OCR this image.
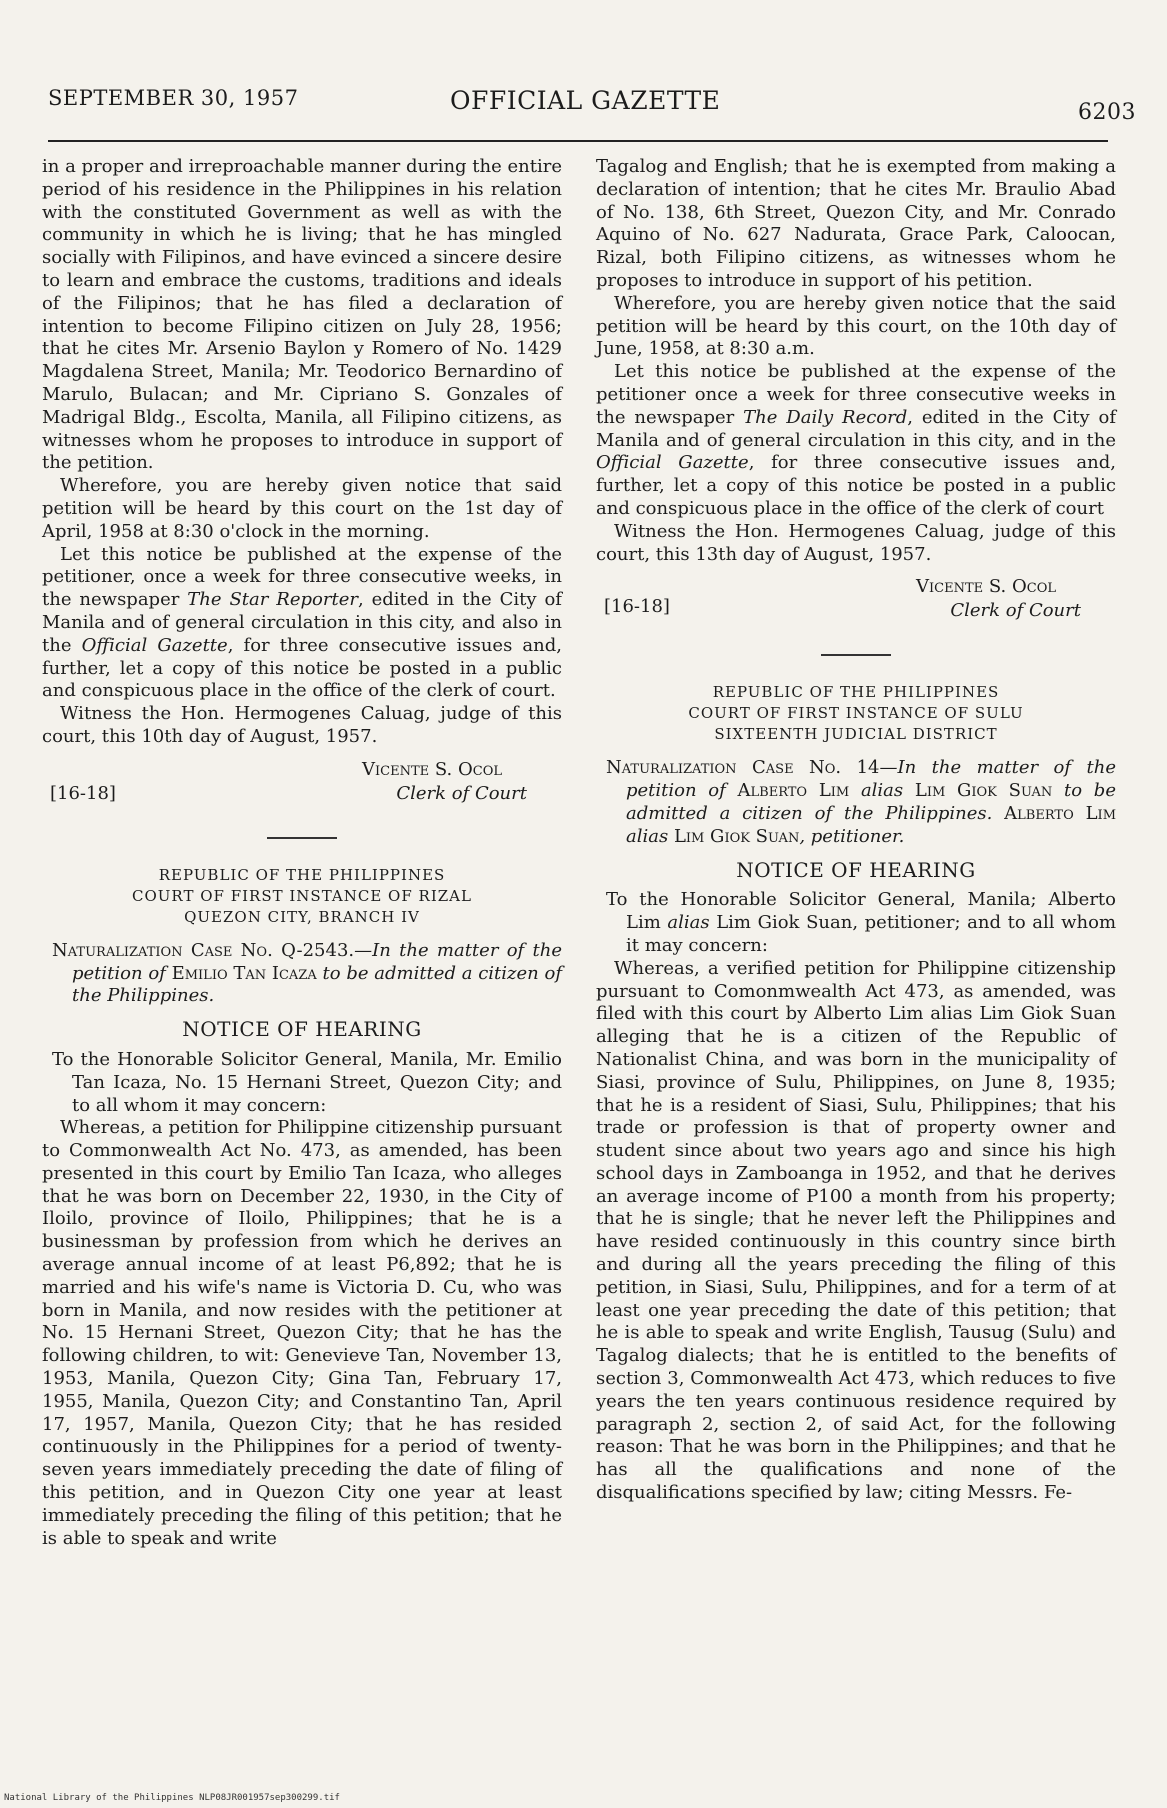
SEPTEMBER 30, 1957	OFFICIAL GAZETTE	6203

in a proper and irreproachable manner during the entire period of his residence in the Philippines in his relation with the constituted Government as well as with the community in which he is living; that he has mingled socially with Filipinos, and have evinced a sincere desire to learn and embrace the customs, traditions and ideals of the Filipinos; that he has filed a declaration of intention to become Filipino citizen on July 28, 1956; that he cites Mr. Arsenio Baylon y Romero of No. 1429 Magdalena Street, Manila; Mr. Teodorico Bernardino of Marulo, Bulacan; and Mr. Cipriano S. Gonzales of Madrigal Bldg., Escolta, Manila, all Filipino citizens, as witnesses whom he proposes to introduce in support of the petition.

Wherefore, you are hereby given notice that said petition will be heard by this court on the 1st day of April, 1958 at 8:30 o'clock in the morning.

Let this notice be published at the expense of the petitioner, once a week for three consecutive weeks, in the newspaper The Star Reporter, edited in the City of Manila and of general circulation in this city, and also in the Official Gazette, for three consecutive issues and, further, let a copy of this notice be posted in a public and conspicuous place in the office of the clerk of court.

Witness the Hon. Hermogenes Caluag, judge of this court, this 10th day of August, 1957.

Vicente S. Ocol
[16-18]	Clerk of Court
REPUBLIC OF THE PHILIPPINES
COURT OF FIRST INSTANCE OF RIZAL
QUEZON CITY, BRANCH IV

Naturalization Case No. Q-2543.—In the matter of the petition of Emilio Tan Icaza to be admitted a citizen of the Philippines.

NOTICE OF HEARING

To the Honorable Solicitor General, Manila, Mr. Emilio Tan Icaza, No. 15 Hernani Street, Quezon City; and to all whom it may concern:

Whereas, a petition for Philippine citizenship pursuant to Commonwealth Act No. 473, as amended, has been presented in this court by Emilio Tan Icaza, who alleges that he was born on December 22, 1930, in the City of Iloilo, province of Iloilo, Philippines; that he is a businessman by profession from which he derives an average annual income of at least P6,892; that he is married and his wife's name is Victoria D. Cu, who was born in Manila, and now resides with the petitioner at No. 15 Hernani Street, Quezon City; that he has the following children, to wit: Genevieve Tan, November 13, 1953, Manila, Quezon City; Gina Tan, February 17, 1955, Manila, Quezon City; and Constantino Tan, April 17, 1957, Manila, Quezon City; that he has resided continuously in the Philippines for a period of twenty-seven years immediately preceding the date of filing of this petition, and in Quezon City one year at least immediately preceding the filing of this petition; that he is able to speak and write

Tagalog and English; that he is exempted from making a declaration of intention; that he cites Mr. Braulio Abad of No. 138, 6th Street, Quezon City, and Mr. Conrado Aquino of No. 627 Nadurata, Grace Park, Caloocan, Rizal, both Filipino citizens, as witnesses whom he proposes to introduce in support of his petition.

Wherefore, you are hereby given notice that the said petition will be heard by this court, on the 10th day of June, 1958, at 8:30 a.m.

Let this notice be published at the expense of the petitioner once a week for three consecutive weeks in the newspaper The Daily Record, edited in the City of Manila and of general circulation in this city, and in the Official Gazette, for three consecutive issues and, further, let a copy of this notice be posted in a public and conspicuous place in the office of the clerk of court

Witness the Hon. Hermogenes Caluag, judge of this court, this 13th day of August, 1957.

Vicente S. Ocol
[16-18]	Clerk of Court
REPUBLIC OF THE PHILIPPINES
COURT OF FIRST INSTANCE OF SULU
SIXTEENTH JUDICIAL DISTRICT

Naturalization Case No. 14—In the matter of the petition of Alberto Lim alias Lim Giok Suan to be admitted a citizen of the Philippines. Alberto Lim alias Lim Giok Suan, petitioner.

NOTICE OF HEARING

To the Honorable Solicitor General, Manila; Alberto Lim alias Lim Giok Suan, petitioner; and to all whom it may concern:

Whereas, a verified petition for Philippine citizenship pursuant to Comonmwealth Act 473, as amended, was filed with this court by Alberto Lim alias Lim Giok Suan alleging that he is a citizen of the Republic of Nationalist China, and was born in the municipality of Siasi, province of Sulu, Philippines, on June 8, 1935; that he is a resident of Siasi, Sulu, Philippines; that his trade or profession is that of property owner and student since about two years ago and since his high school days in Zamboanga in 1952, and that he derives an average income of P100 a month from his property; that he is single; that he never left the Philippines and have resided continuously in this country since birth and during all the years preceding the filing of this petition, in Siasi, Sulu, Philippines, and for a term of at least one year preceding the date of this petition; that he is able to speak and write English, Tausug (Sulu) and Tagalog dialects; that he is entitled to the benefits of section 3, Commonwealth Act 473, which reduces to five years the ten years continuous residence required by paragraph 2, section 2, of said Act, for the following reason: That he was born in the Philippines; and that he has all the qualifications and none of the disqualifications specified by law; citing Messrs. Fe-

National Library of the Philippines NLP08JR001957sep300299.tif
